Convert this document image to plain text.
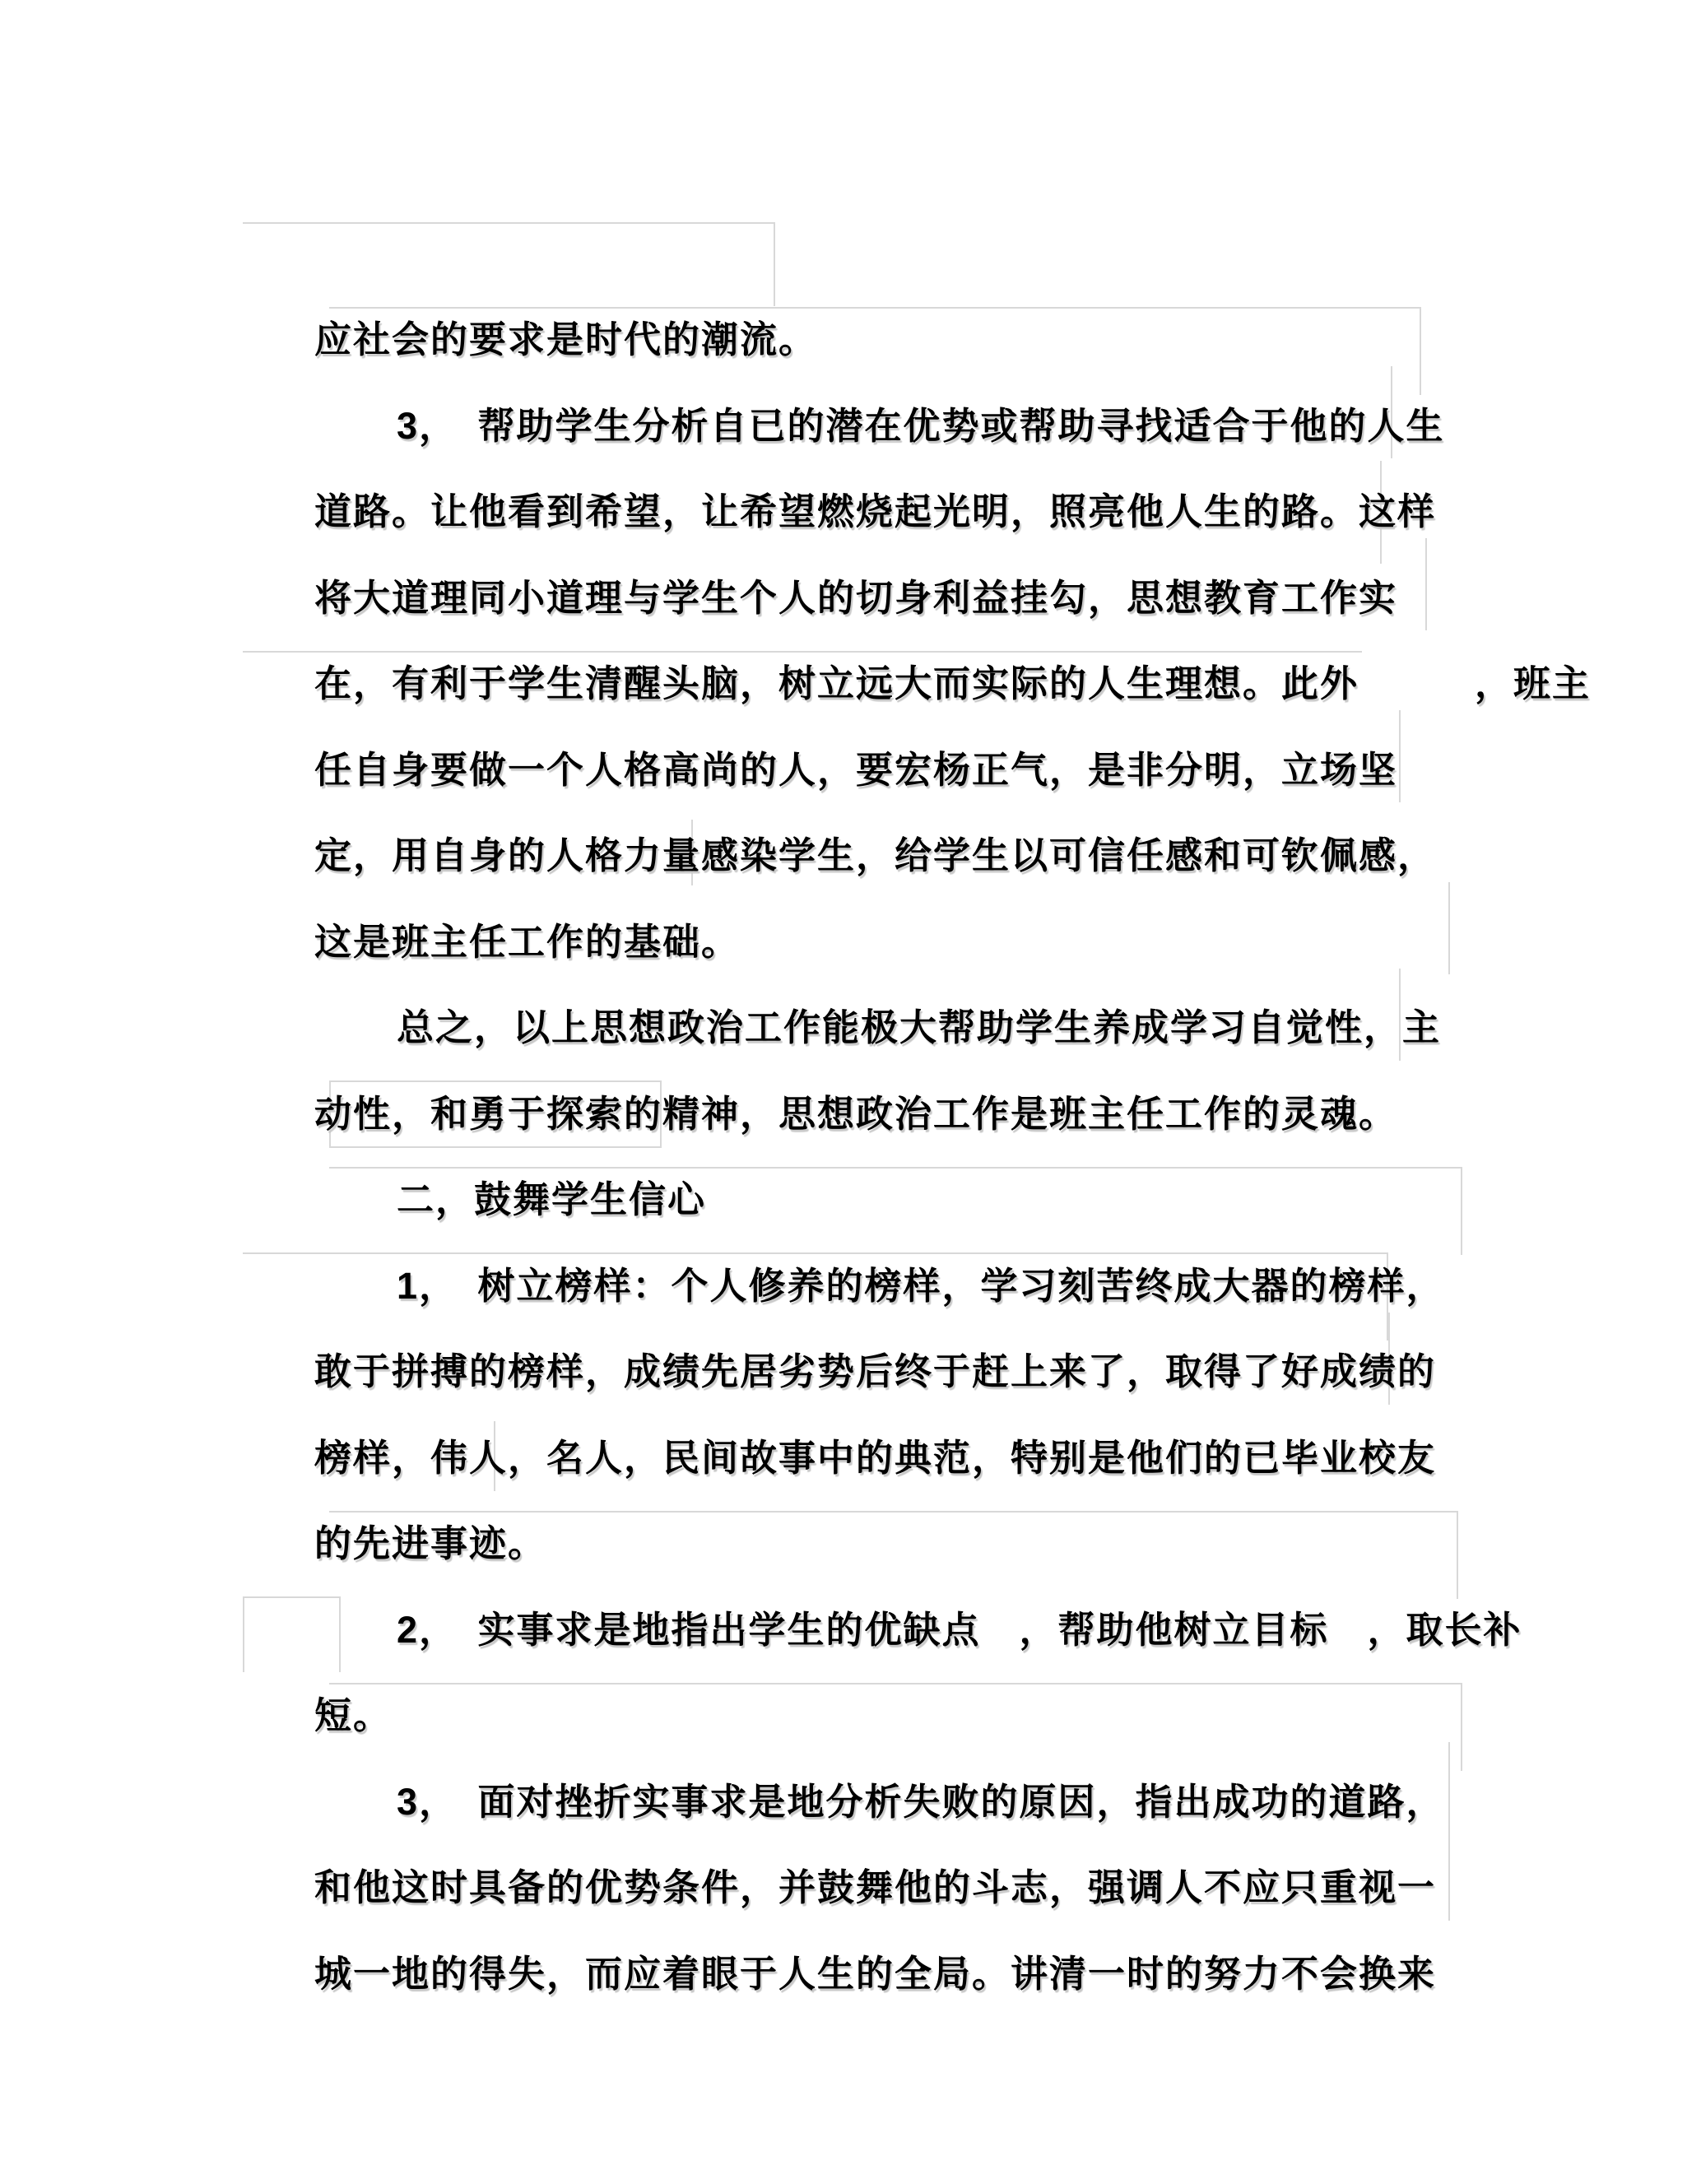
应社会的要求是时代的潮流。

3，　帮助学生分析自已的潜在优势或帮助寻找适合于他的人生

道路。让他看到希望，让希望燃烧起光明，照亮他人生的路。这样

将大道理同小道理与学生个人的切身利益挂勾，思想教育工作实

在，有利于学生清醒头脑，树立远大而实际的人生理想。此外　　　，班主

任自身要做一个人格高尚的人，要宏杨正气，是非分明，立场坚

定，用自身的人格力量感染学生，给学生以可信任感和可钦佩感，

这是班主任工作的基础。

总之，以上思想政治工作能极大帮助学生养成学习自觉性，主

动性，和勇于探索的精神，思想政治工作是班主任工作的灵魂。

二，鼓舞学生信心

1，　树立榜样：个人修养的榜样，学习刻苦终成大器的榜样，

敢于拼搏的榜样，成绩先居劣势后终于赶上来了，取得了好成绩的

榜样，伟人，名人，民间故事中的典范，特别是他们的已毕业校友

的先进事迹。

2，　实事求是地指出学生的优缺点　，帮助他树立目标　，取长补

短。

3，　面对挫折实事求是地分析失败的原因，指出成功的道路，

和他这时具备的优势条件，并鼓舞他的斗志，强调人不应只重视一

城一地的得失，而应着眼于人生的全局。讲清一时的努力不会换来
